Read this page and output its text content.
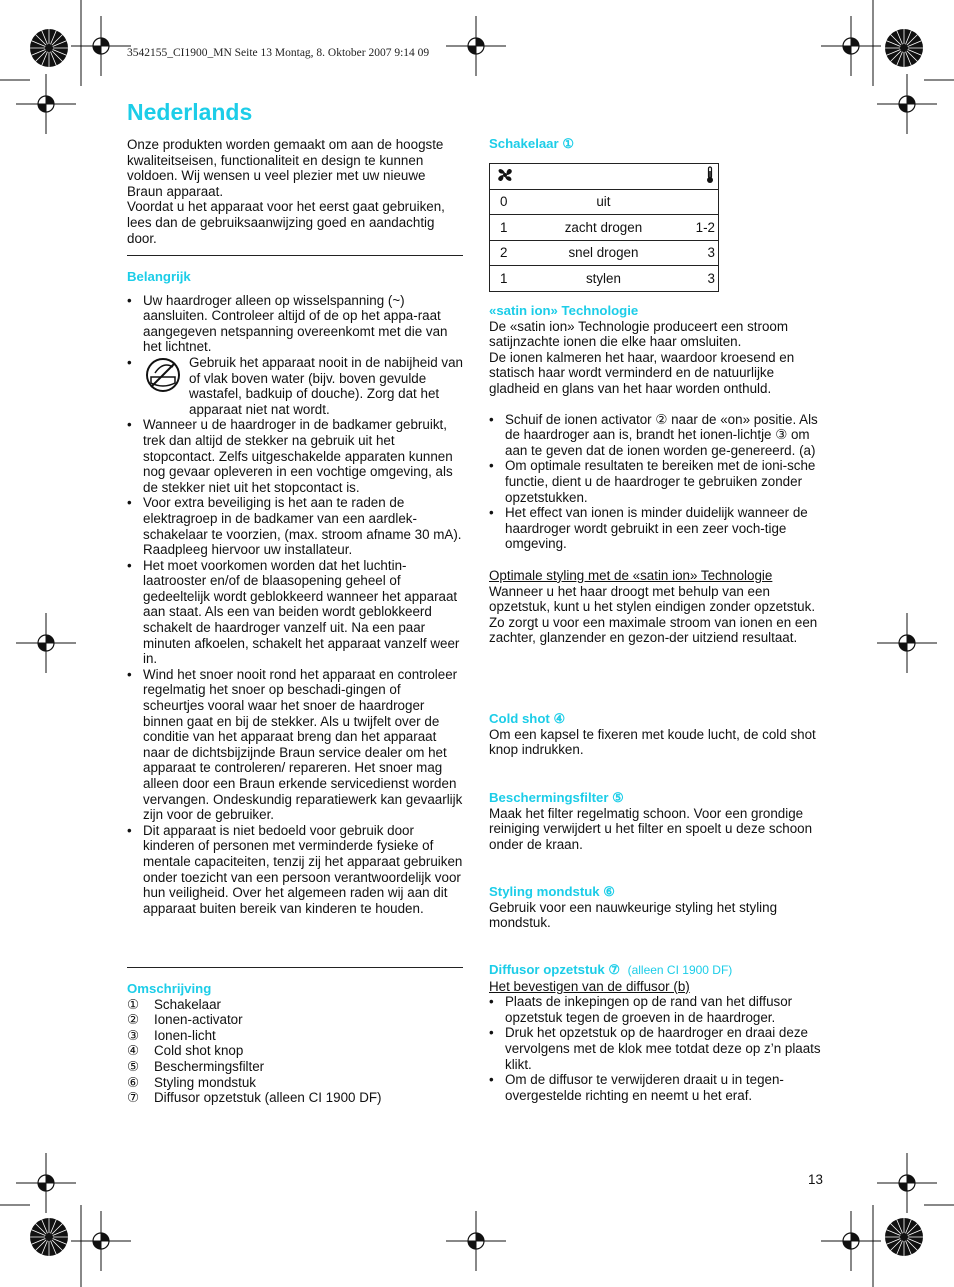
3542155_CI1900_MN Seite 13 Montag, 8. Oktober 2007 9:14 09
Nederlands

Onze produkten worden gemaakt om aan de hoogste kwaliteitseisen, functionaliteit en design te kunnen voldoen. Wij wensen u veel plezier met uw nieuwe Braun apparaat.

Voordat u het apparaat voor het eerst gaat gebruiken, lees dan de gebruiksaanwijzing goed en aandachtig door.

Belangrijk

• Uw haardroger alleen op wisselspanning (~) aansluiten. Controleer altijd of de op het appa-raat aangegeven netspanning overeenkomt met die van het lichtnet.
• Gebruik het apparaat nooit in de nabijheid van of vlak boven water (bijv. boven gevulde wastafel, badkuip of douche). Zorg dat het apparaat niet nat wordt.
• Wanneer u de haardroger in de badkamer gebruikt, trek dan altijd de stekker na gebruik uit het stopcontact. Zelfs uitgeschakelde apparaten kunnen nog gevaar opleveren in een vochtige omgeving, als de stekker niet uit het stopcontact is.
• Voor extra beveiliging is het aan te raden de elektragroep in de badkamer van een aardlek-schakelaar te voorzien, (max. stroom afname 30 mA). Raadpleeg hiervoor uw installateur.
• Het moet voorkomen worden dat het luchtin-laatrooster en/of de blaasopening geheel of gedeeltelijk wordt geblokkeerd wanneer het apparaat aan staat. Als een van beiden wordt geblokkeerd schakelt de haardroger vanzelf uit. Na een paar minuten afkoelen, schakelt het apparaat vanzelf weer in.
• Wind het snoer nooit rond het apparaat en controleer regelmatig het snoer op beschadi-gingen of scheurtjes vooral waar het snoer de haardroger binnen gaat en bij de stekker. Als u twijfelt over de conditie van het apparaat breng dan het apparaat naar de dichtsbijzijnde Braun service dealer om het apparaat te controleren/ repareren. Het snoer mag alleen door een Braun erkende servicedienst worden vervangen. Ondeskundig reparatiewerk kan gevaarlijk zijn voor de gebruiker.
• Dit apparaat is niet bedoeld voor gebruik door kinderen of personen met verminderde fysieke of mentale capaciteiten, tenzij zij het apparaat gebruiken onder toezicht van een persoon verantwoordelijk voor hun veiligheid. Over het algemeen raden wij aan dit apparaat buiten bereik van kinderen te houden.

Omschrijving

① Schakelaar
② Ionen-activator
③ Ionen-licht
④ Cold shot knop
⑤ Beschermingsfilter
⑥ Styling mondstuk
⑦ Diffusor opzetstuk (alleen CI 1900 DF)

Schakelaar ①

0	uit	
1	zacht drogen	1-2
2	snel drogen	3
1	stylen	3

«satin ion» Technologie

De «satin ion» Technologie produceert een stroom satijnzachte ionen die elke haar omsluiten.

De ionen kalmeren het haar, waardoor kroesend en statisch haar wordt verminderd en de natuurlijke gladheid en glans van het haar worden onthuld.

• Schuif de ionen activator ② naar de «on» positie. Als de haardroger aan is, brandt het ionen-lichtje ③ om aan te geven dat de ionen worden ge-genereerd. (a)
• Om optimale resultaten te bereiken met de ioni-sche functie, dient u de haardroger te gebruiken zonder opzetstukken.
• Het effect van ionen is minder duidelijk wanneer de haardroger wordt gebruikt in een zeer voch-tige omgeving.

Optimale styling met de «satin ion» Technologie

Wanneer u het haar droogt met behulp van een opzetstuk, kunt u het stylen eindigen zonder opzetstuk. Zo zorgt u voor een maximale stroom van ionen en een zachter, glanzender en gezon-der uitziend resultaat.

Cold shot ④

Om een kapsel te fixeren met koude lucht, de cold shot knop indrukken.

Beschermingsfilter ⑤

Maak het filter regelmatig schoon. Voor een grondige reiniging verwijdert u het filter en spoelt u deze schoon onder de kraan.

Styling mondstuk ⑥

Gebruik voor een nauwkeurige styling het styling mondstuk.

Diffusor opzetstuk ⑦ (alleen CI 1900 DF)

Het bevestigen van de diffusor (b)

• Plaats de inkepingen op de rand van het diffusor opzetstuk tegen de groeven in de haardroger.
• Druk het opzetstuk op de haardroger en draai deze vervolgens met de klok mee totdat deze op z’n plaats klikt.
• Om de diffusor te verwijderen draait u in tegen-overgestelde richting en neemt u het eraf.
13
